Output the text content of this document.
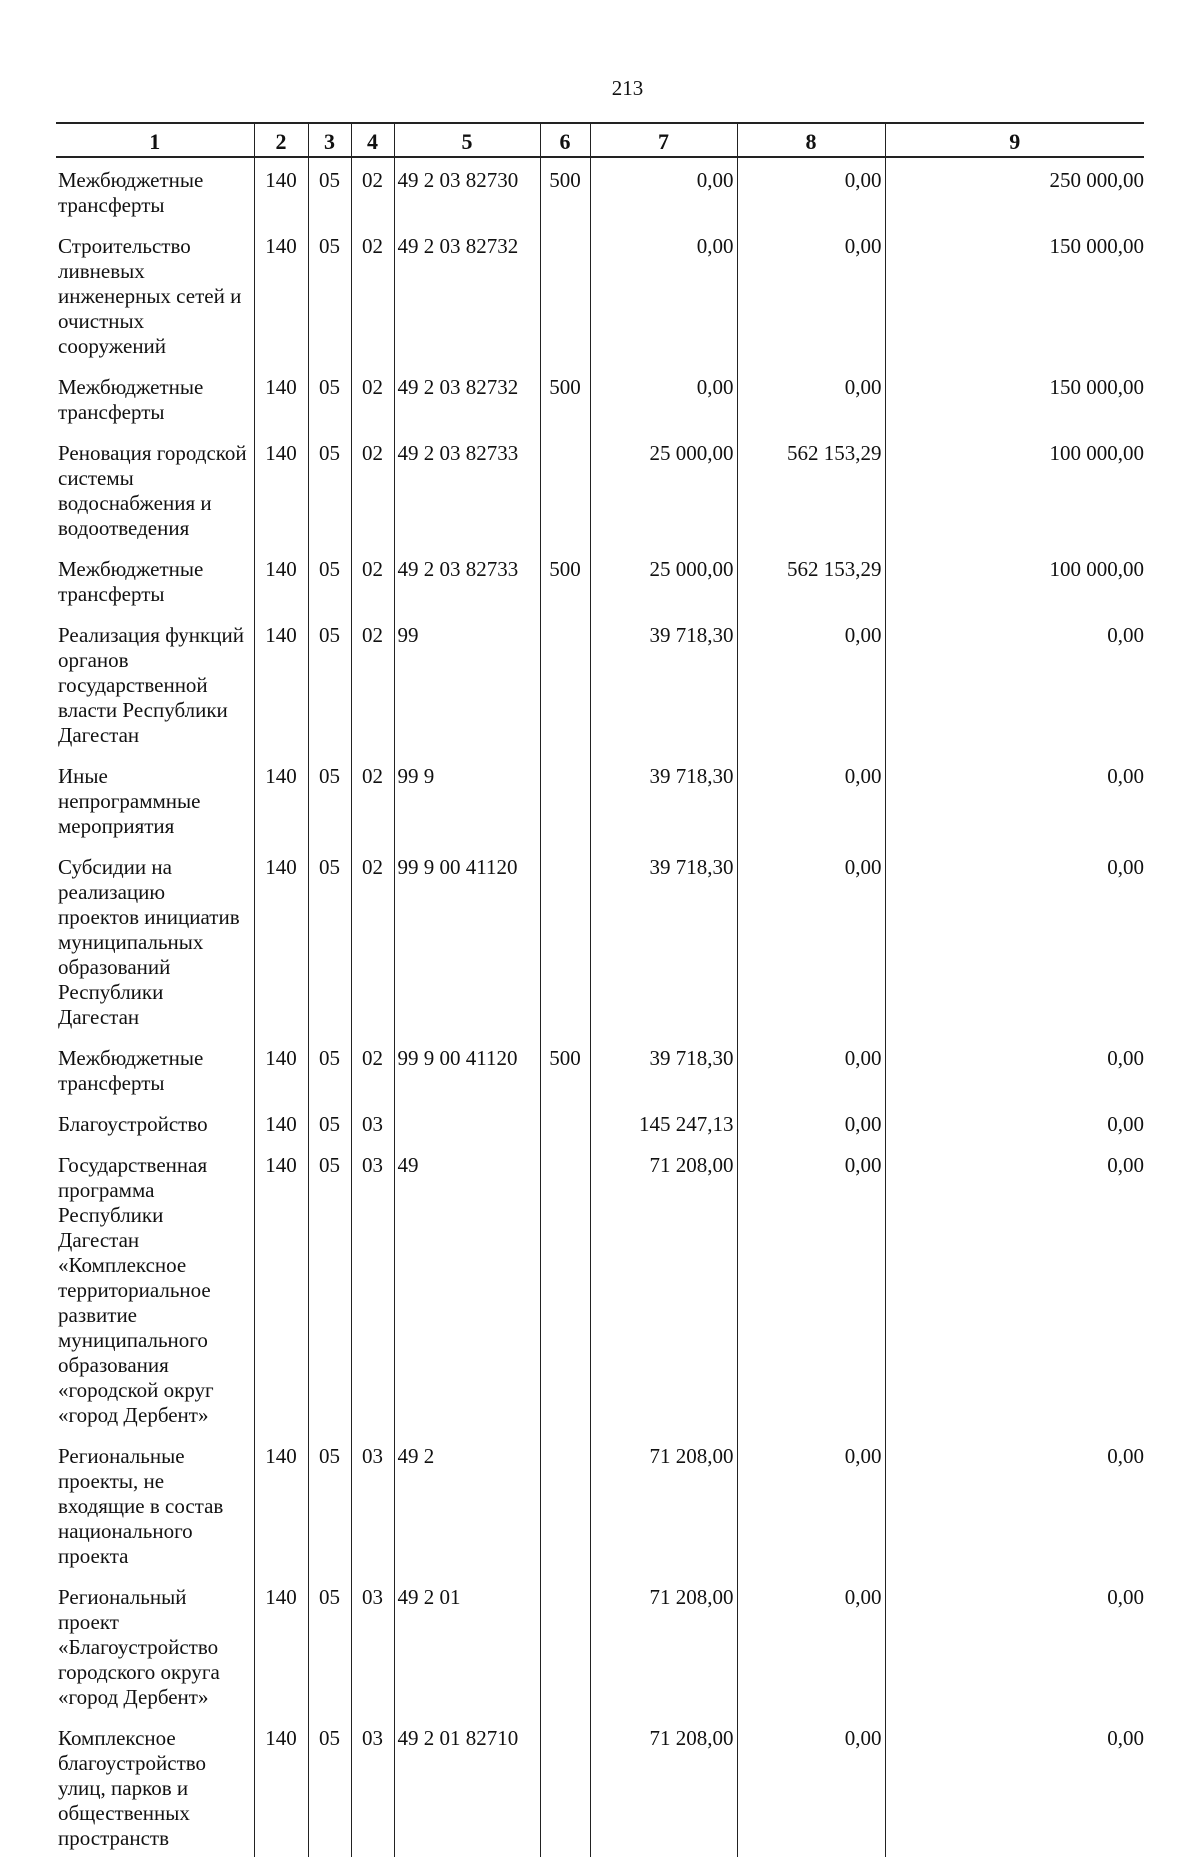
213
1	2	3	4	5	6	7	8	9
Межбюджетные трансферты	140	05	02	49 2 03 82730	500	0,00	0,00	250 000,00
Строительство ливневых инженерных сетей и очистных сооружений	140	05	02	49 2 03 82732		0,00	0,00	150 000,00
Межбюджетные трансферты	140	05	02	49 2 03 82732	500	0,00	0,00	150 000,00
Реновация городской системы водоснабжения и водоотведения	140	05	02	49 2 03 82733		25 000,00	562 153,29	100 000,00
Межбюджетные трансферты	140	05	02	49 2 03 82733	500	25 000,00	562 153,29	100 000,00
Реализация функций органов государственной власти Республики Дагестан	140	05	02	99		39 718,30	0,00	0,00
Иные непрограммные мероприятия	140	05	02	99 9		39 718,30	0,00	0,00
Субсидии на реализацию проектов инициатив муниципальных образований Республики Дагестан	140	05	02	99 9 00 41120		39 718,30	0,00	0,00
Межбюджетные трансферты	140	05	02	99 9 00 41120	500	39 718,30	0,00	0,00
Благоустройство	140	05	03			145 247,13	0,00	0,00
Государственная программа Республики Дагестан «Комплексное территориальное развитие муниципального образования «городской округ «город Дербент»	140	05	03	49		71 208,00	0,00	0,00
Региональные проекты, не входящие в состав национального проекта	140	05	03	49 2		71 208,00	0,00	0,00
Региональный проект «Благоустройство городского округа «город Дербент»	140	05	03	49 2 01		71 208,00	0,00	0,00
Комплексное благоустройство улиц, парков и общественных пространств	140	05	03	49 2 01 82710		71 208,00	0,00	0,00
